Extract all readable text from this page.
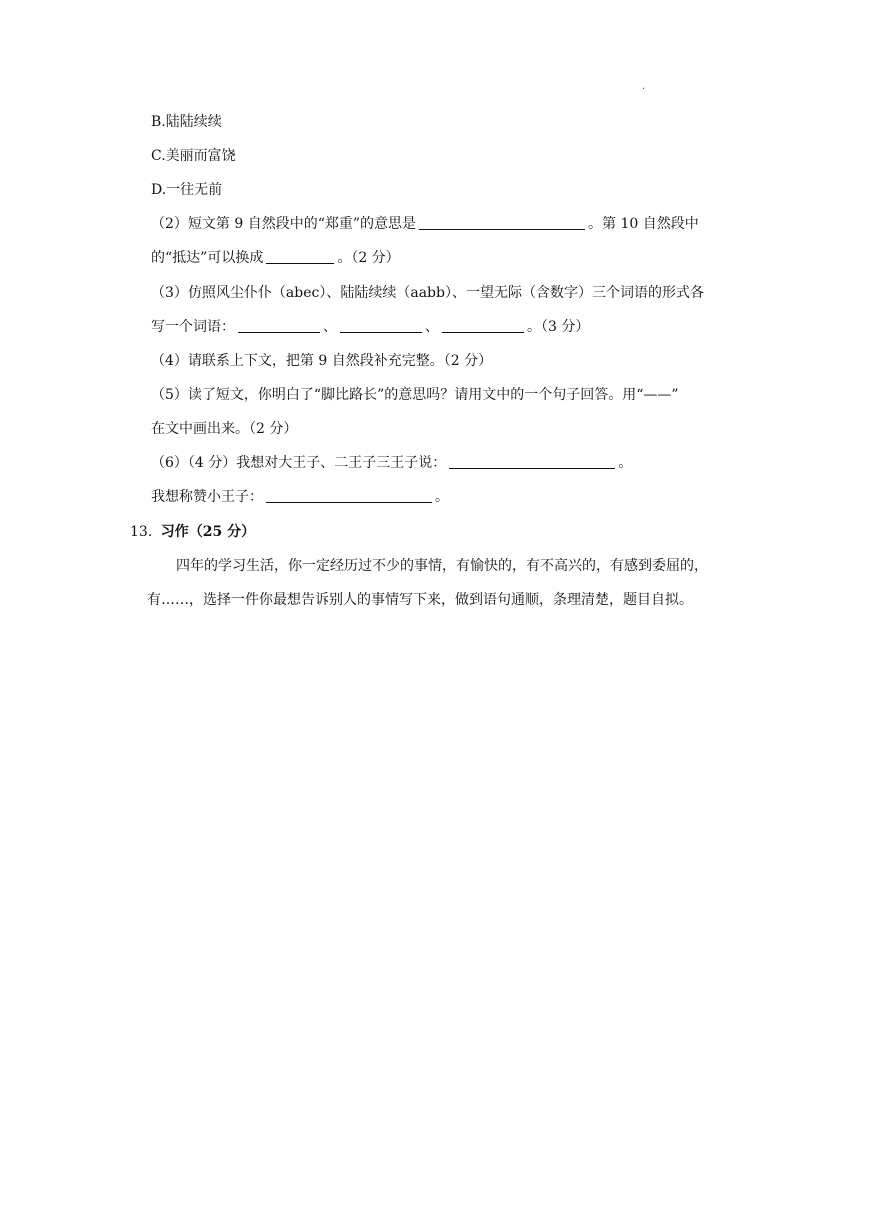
.
B.陆陆续续
C.美丽而富饶
D.一往无前
（2）短文第 9 自然段中的“郑重”的意思是	。第 10 自然段中
的“抵达”可以换成	。（2 分）
（3）仿照风尘仆仆（abec）、陆陆续续（aabb）、一望无际（含数字）三个词语的形式各
写一个词语：	、	、	。（3 分）
（4）请联系上下文，把第 9 自然段补充完整。（2 分）
（5）读了短文，你明白了“脚比路长”的意思吗？请用文中的一个句子回答。用“——”
在文中画出来。（2 分）
（6）（4 分）我想对大王子、二王子三王子说：	。
我想称赞小王子：	。
13. 习作（25 分）
四年的学习生活，你一定经历过不少的事情，有愉快的，有不高兴的，有感到委屈的，
有……，选择一件你最想告诉别人的事情写下来，做到语句通顺，条理清楚，题目自拟。
